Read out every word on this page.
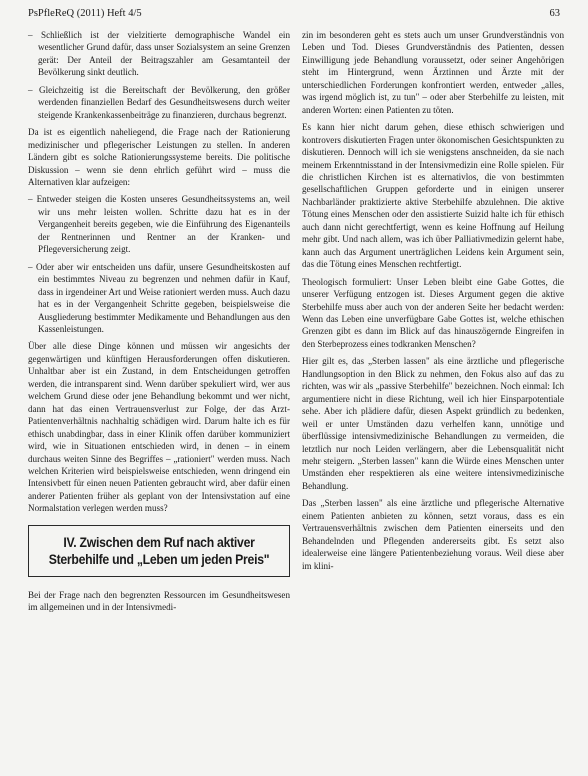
PsPfleReQ (2011) Heft 4/5	63

– Schließlich ist der vielzitierte demographische Wandel ein wesentlicher Grund dafür, dass unser Sozialsystem an seine Grenzen gerät: Der Anteil der Beitragszahler am Gesamtanteil der Bevölkerung sinkt deutlich.

– Gleichzeitig ist die Bereitschaft der Bevölkerung, den größer werdenden finanziellen Bedarf des Gesundheitswesens durch weiter steigende Krankenkassenbeiträge zu finanzieren, durchaus begrenzt.

Da ist es eigentlich naheliegend, die Frage nach der Rationierung medizinischer und pflegerischer Leistungen zu stellen. In anderen Ländern gibt es solche Rationierungssysteme bereits. Die politische Diskussion – wenn sie denn ehrlich geführt wird – muss die Alternativen klar aufzeigen:

– Entweder steigen die Kosten unseres Gesundheitssystems an, weil wir uns mehr leisten wollen. Schritte dazu hat es in der Vergangenheit bereits gegeben, wie die Einführung des Eigenanteils der Rentnerinnen und Rentner an der Kranken- und Pflegeversicherung zeigt.

– Oder aber wir entscheiden uns dafür, unsere Gesundheitskosten auf ein bestimmtes Niveau zu begrenzen und nehmen dafür in Kauf, dass in irgendeiner Art und Weise rationiert werden muss. Auch dazu hat es in der Vergangenheit Schritte gegeben, beispielsweise die Ausgliederung bestimmter Medikamente und Behandlungen aus den Kassenleistungen.

Über alle diese Dinge können und müssen wir angesichts der gegenwärtigen und künftigen Herausforderungen offen diskutieren. Unhaltbar aber ist ein Zustand, in dem Entscheidungen getroffen werden, die intransparent sind. Wenn darüber spekuliert wird, wer aus welchem Grund diese oder jene Behandlung bekommt und wer nicht, dann hat das einen Vertrauensverlust zur Folge, der das Arzt-Patientenverhältnis nachhaltig schädigen wird. Darum halte ich es für ethisch unabdingbar, dass in einer Klinik offen darüber kommuniziert wird, wie in Situationen entschieden wird, in denen – in einem durchaus weiten Sinne des Begriffes – „rationiert" werden muss. Nach welchen Kriterien wird beispielsweise entschieden, wenn dringend ein Intensivbett für einen neuen Patienten gebraucht wird, aber dafür einen anderer Patienten früher als geplant von der Intensivstation auf eine Normalstation verlegen werden muss?

IV. Zwischen dem Ruf nach aktiver Sterbehilfe und „Leben um jeden Preis"

Bei der Frage nach den begrenzten Ressourcen im Gesundheitswesen im allgemeinen und in der Intensivmedi-

zin im besonderen geht es stets auch um unser Grundverständnis von Leben und Tod. Dieses Grundverständnis des Patienten, dessen Einwilligung jede Behandlung voraussetzt, oder seiner Angehörigen steht im Hintergrund, wenn Ärztinnen und Ärzte mit der unterschiedlichen Forderungen konfrontiert werden, entweder „alles, was irgend möglich ist, zu tun" – oder aber Sterbehilfe zu leisten, mit anderen Worten: einen Patienten zu töten.

Es kann hier nicht darum gehen, diese ethisch schwierigen und kontrovers diskutierten Fragen unter ökonomischen Gesichtspunkten zu diskutieren. Dennoch will ich sie wenigstens anschneiden, da sie nach meinem Erkenntnisstand in der Intensivmedizin eine Rolle spielen. Für die christlichen Kirchen ist es alternativlos, die von bestimmten gesellschaftlichen Gruppen geforderte und in einigen unserer Nachbarländer praktizierte aktive Sterbehilfe abzulehnen. Die aktive Tötung eines Menschen oder den assistierte Suizid halte ich für ethisch auch dann nicht gerechtfertigt, wenn es keine Hoffnung auf Heilung mehr gibt. Und nach allem, was ich über Palliativmedizin gelernt habe, kann auch das Argument unerträglichen Leidens kein Argument sein, das die Tötung eines Menschen rechtfertigt.

Theologisch formuliert: Unser Leben bleibt eine Gabe Gottes, die unserer Verfügung entzogen ist. Dieses Argument gegen die aktive Sterbehilfe muss aber auch von der anderen Seite her bedacht werden: Wenn das Leben eine unverfügbare Gabe Gottes ist, welche ethischen Grenzen gibt es dann im Blick auf das hinauszögernde Eingreifen in den Sterbeprozess eines todkranken Menschen?

Hier gilt es, das „Sterben lassen" als eine ärztliche und pflegerische Handlungsoption in den Blick zu nehmen, den Fokus also auf das zu richten, was wir als „passive Sterbehilfe" bezeichnen. Noch einmal: Ich argumentiere nicht in diese Richtung, weil ich hier Einsparpotentiale sehe. Aber ich plädiere dafür, diesen Aspekt gründlich zu bedenken, weil er unter Umständen dazu verhelfen kann, unnötige und überflüssige intensivmedizinische Behandlungen zu vermeiden, die letztlich nur noch Leiden verlängern, aber die Lebensqualität nicht mehr steigern. „Sterben lassen" kann die Würde eines Menschen unter Umständen eher respektieren als eine weitere intensivmedizinische Behandlung.

Das „Sterben lassen" als eine ärztliche und pflegerische Alternative einem Patienten anbieten zu können, setzt voraus, dass es ein Vertrauensverhältnis zwischen dem Patienten einerseits und den Behandelnden und Pflegenden andererseits gibt. Es setzt also idealerweise eine längere Patientenbeziehung voraus. Weil diese aber im klini-
